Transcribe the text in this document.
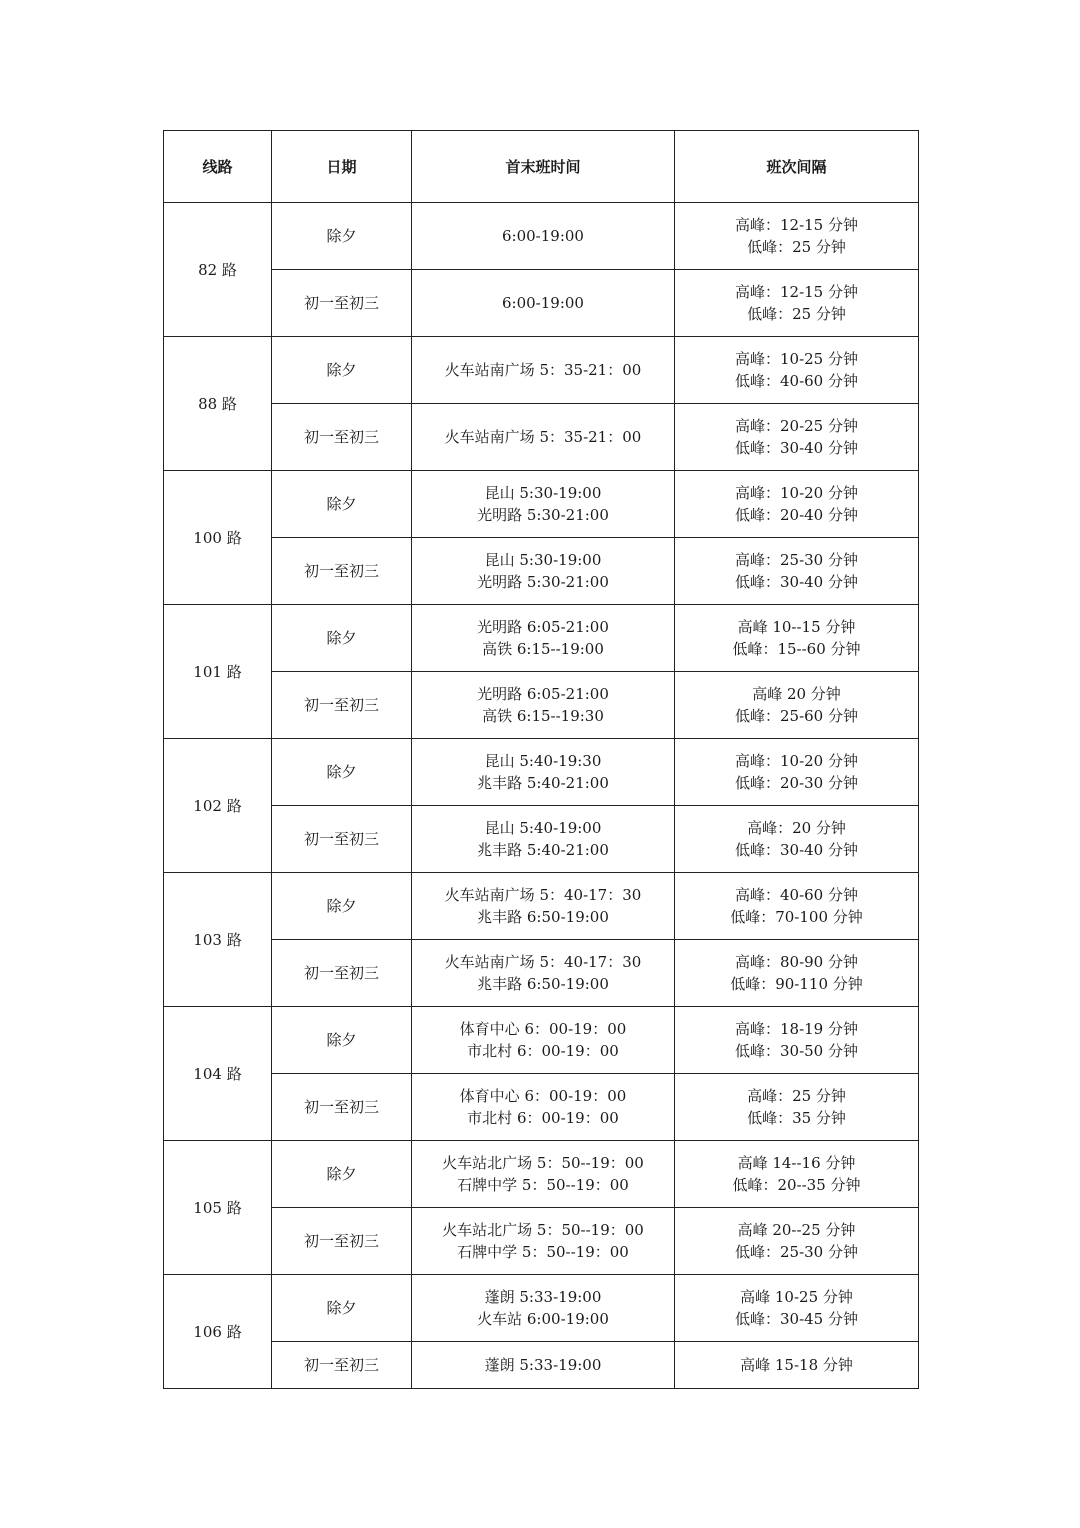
线路	日期	首末班时间	班次间隔
82 路	除夕	6:00-19:00	高峰：12-15 分钟
低峰：25 分钟

	初一至初三	6:00-19:00	高峰：12-15 分钟
低峰：25 分钟

88 路	除夕	火车站南广场 5：35-21：00	高峰：10-25 分钟
低峰：40-60 分钟

	初一至初三	火车站南广场 5：35-21：00	高峰：20-25 分钟
低峰：30-40 分钟

100 路	除夕	昆山 5:30-19:00
光明路 5:30-21:00	高峰：10-20 分钟
低峰：20-40 分钟

	初一至初三	昆山 5:30-19:00
光明路 5:30-21:00	高峰：25-30 分钟
低峰：30-40 分钟

101 路	除夕	光明路 6:05-21:00
高铁 6:15--19:00	高峰 10--15 分钟
低峰：15--60 分钟

	初一至初三	光明路 6:05-21:00
高铁 6:15--19:30	高峰 20 分钟
低峰：25-60 分钟

102 路	除夕	昆山 5:40-19:30
兆丰路 5:40-21:00	高峰：10-20 分钟
低峰：20-30 分钟

	初一至初三	昆山 5:40-19:00
兆丰路 5:40-21:00	高峰：20 分钟
低峰：30-40 分钟

103 路	除夕	火车站南广场 5：40-17：30
兆丰路 6:50-19:00	高峰：40-60 分钟
低峰：70-100 分钟

	初一至初三	火车站南广场 5：40-17：30
兆丰路 6:50-19:00	高峰：80-90 分钟
低峰：90-110 分钟

104 路	除夕	体育中心 6：00-19：00
市北村 6：00-19：00	高峰：18-19 分钟
低峰：30-50 分钟

	初一至初三	体育中心 6：00-19：00
市北村 6：00-19：00	高峰：25 分钟
低峰：35 分钟

105 路	除夕	火车站北广场 5：50--19：00
石牌中学 5：50--19：00	高峰 14--16 分钟
低峰：20--35 分钟

	初一至初三	火车站北广场 5：50--19：00
石牌中学 5：50--19：00	高峰 20--25 分钟
低峰：25-30 分钟

106 路	除夕	蓬朗 5:33-19:00
火车站 6:00-19:00	高峰 10-25 分钟
低峰：30-45 分钟

	初一至初三	蓬朗 5:33-19:00	高峰 15-18 分钟
